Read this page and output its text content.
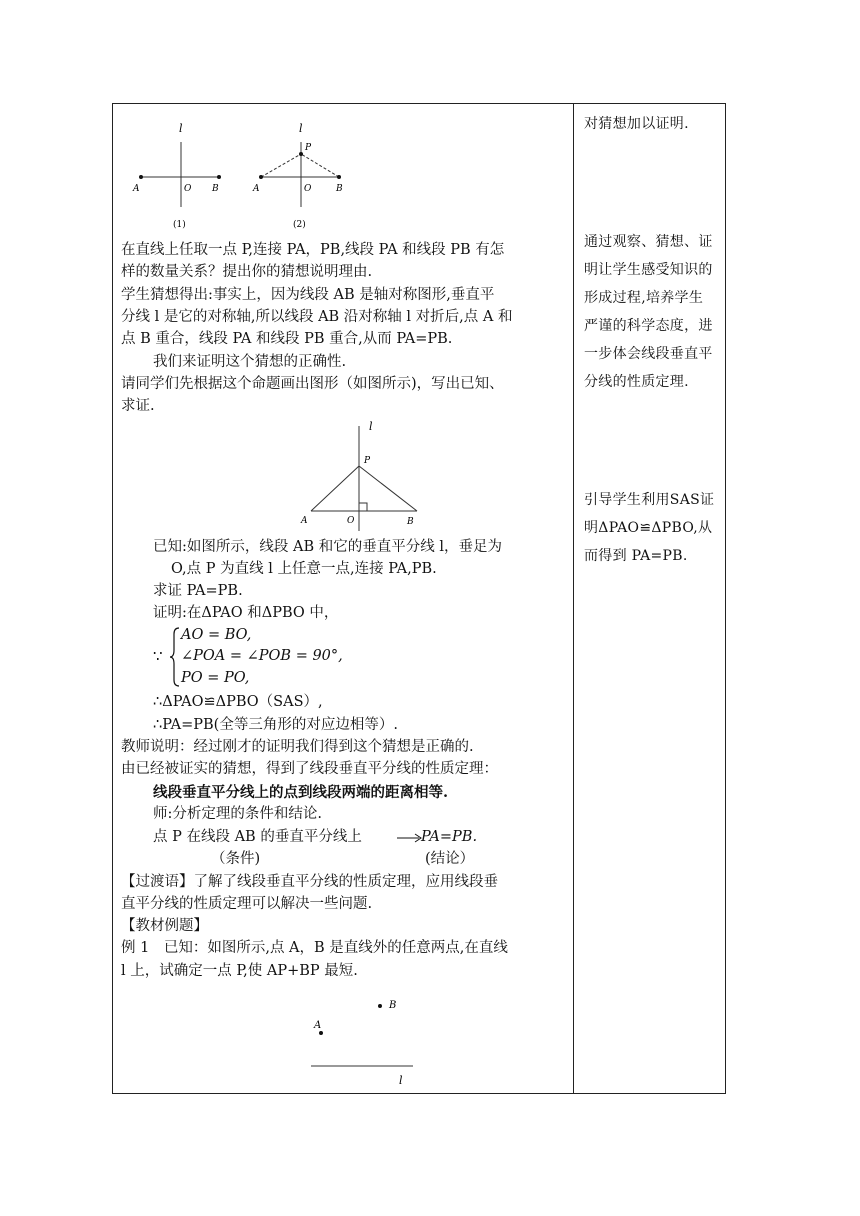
l
A	O B
(1)
l
P
A	O	B
(2)
在直线上任取一点 P,连接 PA，PB,线段 PA 和线段 PB 有怎
样的数量关系？提出你的猜想说明理由.
学生猜想得出:事实上，因为线段 AB 是轴对称图形,垂直平
分线 l 是它的对称轴,所以线段 AB 沿对称轴 l 对折后,点 A 和
点 B 重合，线段 PA 和线段 PB 重合,从而 PA=PB.
我们来证明这个猜想的正确性.
请同学们先根据这个命题画出图形（如图所示)，写出已知、
求证.
l
P
A	O	B
已知:如图所示，线段 AB 和它的垂直平分线 l，垂足为
O,点 P 为直线 l 上任意一点,连接 PA,PB.
求证 PA=PB.
证明:在ΔPAO 和ΔPBO 中，
∵
AO = BO,
∠POA = ∠POB = 90°,
PO = PO,
∴ΔPAO≌ΔPBO（SAS）,
∴PA=PB(全等三角形的对应边相等）.
教师说明：经过刚才的证明我们得到这个猜想是正确的.
由已经被证实的猜想，得到了线段垂直平分线的性质定理：
线段垂直平分线上的点到线段两端的距离相等.
师:分析定理的条件和结论.
点 P 在线段 AB 的垂直平分线上	PA=PB.
（条件)	(结论）
【过渡语】了解了线段垂直平分线的性质定理，应用线段垂
直平分线的性质定理可以解决一些问题.
【教材例题】
例 1　已知：如图所示,点 A，B 是直线外的任意两点,在直线
l 上，试确定一点 P,使 AP+BP 最短.
B
A
l
对猜想加以证明.
通过观察、猜想、证
明让学生感受知识的
形成过程,培养学生
严谨的科学态度，进
一步体会线段垂直平
分线的性质定理.
引导学生利用SAS证
明ΔPAO≌ΔPBO,从
而得到 PA=PB.
